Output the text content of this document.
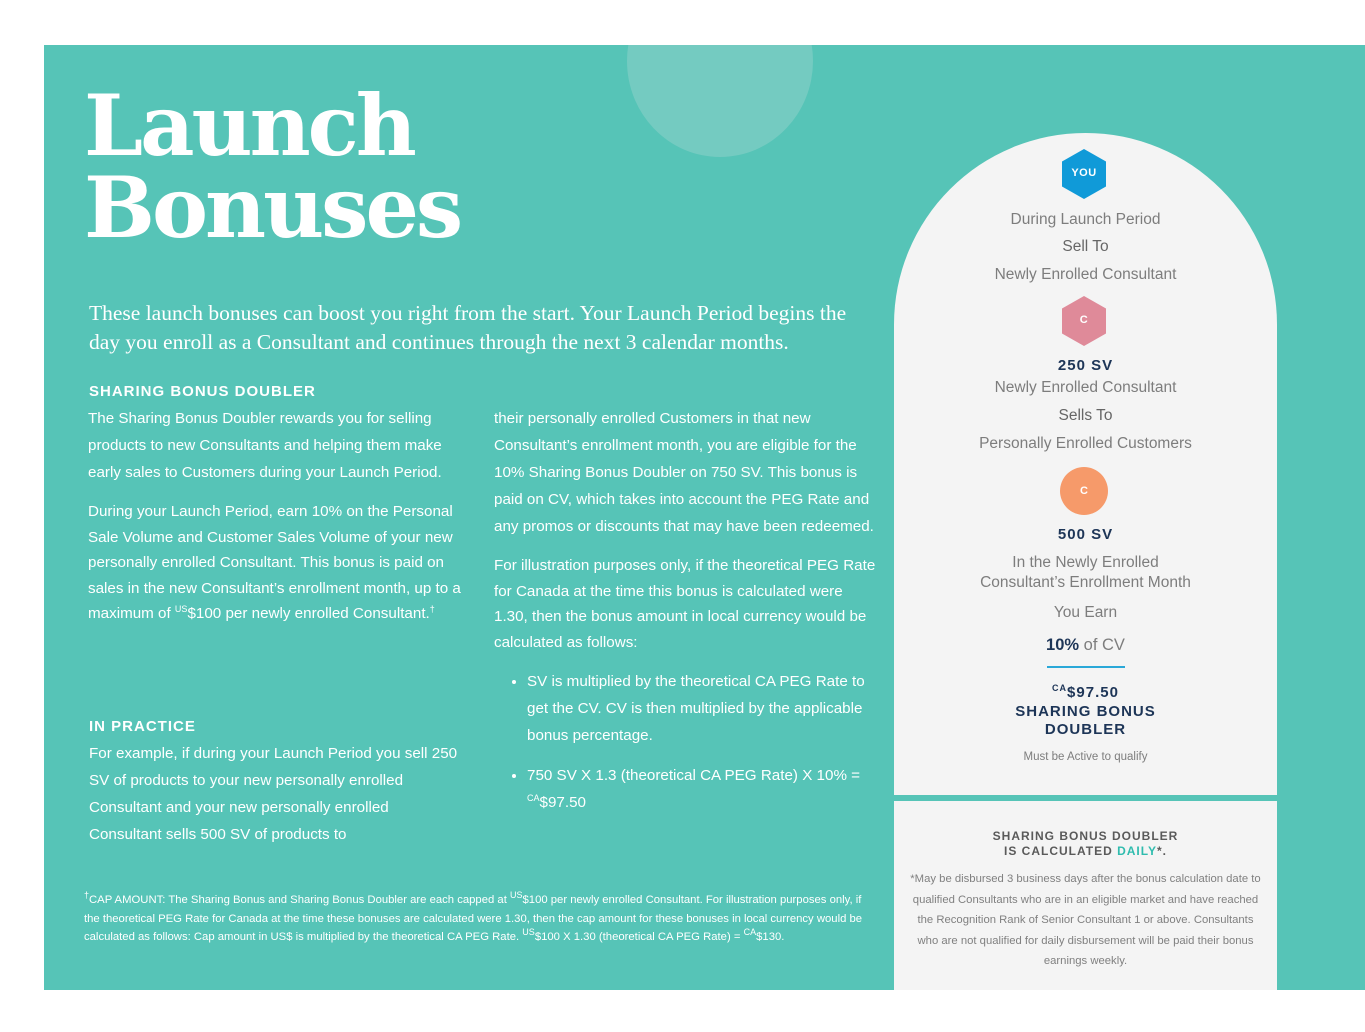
Launch
Bonuses

These launch bonuses can boost you right from the start. Your Launch Period begins the day you enroll as a Consultant and continues through the next 3 calendar months.

SHARING BONUS DOUBLER

The Sharing Bonus Doubler rewards you for selling products to new Consultants and helping them make early sales to Customers during your Launch Period.

During your Launch Period, earn 10% on the Personal Sale Volume and Customer Sales Volume of your new personally enrolled Consultant. This bonus is paid on sales in the new Consultant’s enrollment month, up to a maximum of $^{US}$\$100 per newly enrolled Consultant.†

IN PRACTICE

For example, if during your Launch Period you sell 250 SV of products to your new personally enrolled Consultant and your new personally enrolled Consultant sells 500 SV of products to

their personally enrolled Customers in that new Consultant’s enrollment month, you are eligible for the 10% Sharing Bonus Doubler on 750 SV. This bonus is paid on CV, which takes into account the PEG Rate and any promos or discounts that may have been redeemed.

For illustration purposes only, if the theoretical PEG Rate for Canada at the time this bonus is calculated were 1.30, then the bonus amount in local currency would be calculated as follows:

• SV is multiplied by the theoretical CA PEG Rate to get the CV. CV is then multiplied by the applicable bonus percentage.
• 750 SV X 1.3 (theoretical CA PEG Rate) X 10% = $^{CA}$\$97.50

†CAP AMOUNT: The Sharing Bonus and Sharing Bonus Doubler are each capped at $^{US}$\$100 per newly enrolled Consultant. For illustration purposes only, if the theoretical PEG Rate for Canada at the time these bonuses are calculated were 1.30, then the cap amount for these bonuses in local currency would be calculated as follows: Cap amount in US$ is multiplied by the theoretical CA PEG Rate. $^{US}$\$100 X 1.30 (theoretical CA PEG Rate) = $^{CA}$\$130.

YOU
During Launch Period
Sell To
Newly Enrolled Consultant
C
250 SV
Newly Enrolled Consultant
Sells To
Personally Enrolled Customers
C
500 SV
In the Newly Enrolled
Consultant’s Enrollment Month
You Earn
10% of CV
$^{CA}$\$97.50
SHARING BONUS
DOUBLER
Must be Active to qualify
SHARING BONUS DOUBLER
IS CALCULATED DAILY*.

*May be disbursed 3 business days after the bonus calculation date to qualified Consultants who are in an eligible market and have reached the Recognition Rank of Senior Consultant 1 or above. Consultants who are not qualified for daily disbursement will be paid their bonus earnings weekly.
